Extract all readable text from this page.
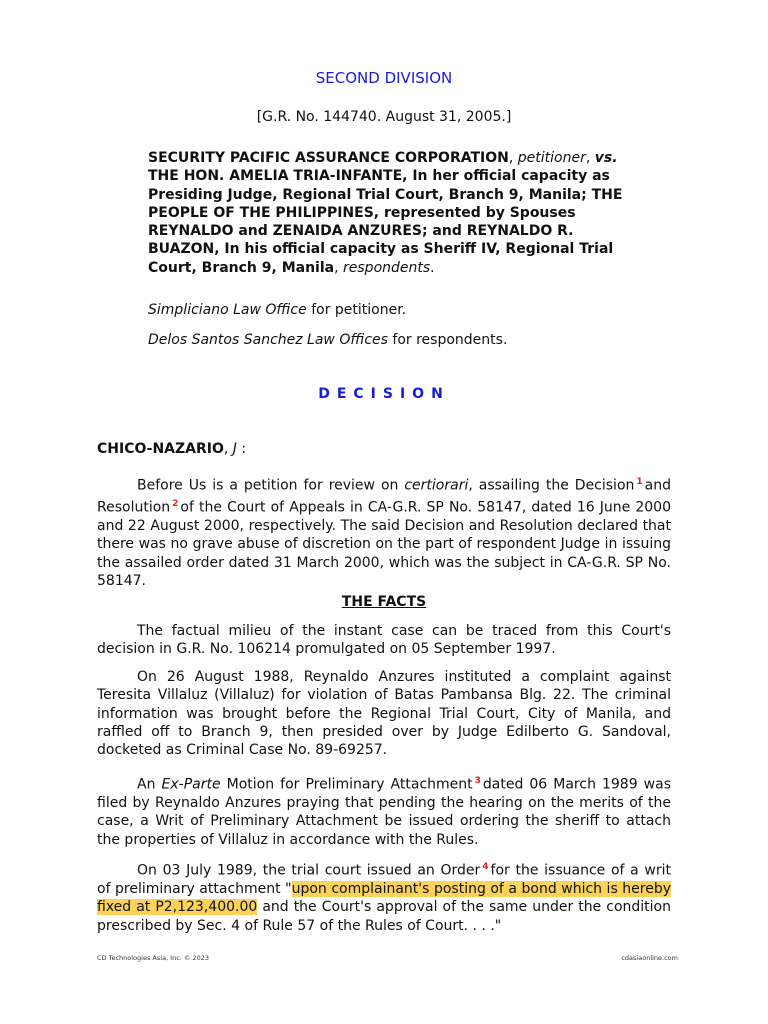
SECOND DIVISION
[G.R. No. 144740. August 31, 2005.]
SECURITY PACIFIC ASSURANCE CORPORATION, petitioner, vs. THE HON. AMELIA TRIA-INFANTE, In her official capacity as Presiding Judge, Regional Trial Court, Branch 9, Manila; THE PEOPLE OF THE PHILIPPINES, represented by Spouses REYNALDO and ZENAIDA ANZURES; and REYNALDO R. BUAZON, In his official capacity as Sheriff IV, Regional Trial Court, Branch 9, Manila, respondents.
Simpliciano Law Office for petitioner.
Delos Santos Sanchez Law Offices for respondents.
DECISION
CHICO-NAZARIO, J :
Before Us is a petition for review on certiorari, assailing the Decision $^1$ and Resolution $^2$ of the Court of Appeals in CA-G.R. SP No. 58147, dated 16 June 2000 and 22 August 2000, respectively. The said Decision and Resolution declared that there was no grave abuse of discretion on the part of respondent Judge in issuing the assailed order dated 31 March 2000, which was the subject in CA-G.R. SP No. 58147.
THE FACTS
The factual milieu of the instant case can be traced from this Court's decision in G.R. No. 106214 promulgated on 05 September 1997.
On 26 August 1988, Reynaldo Anzures instituted a complaint against Teresita Villaluz (Villaluz) for violation of Batas Pambansa Blg. 22. The criminal information was brought before the Regional Trial Court, City of Manila, and raffled off to Branch 9, then presided over by Judge Edilberto G. Sandoval, docketed as Criminal Case No. 89-69257.
An Ex-Parte Motion for Preliminary Attachment $^3$ dated 06 March 1989 was filed by Reynaldo Anzures praying that pending the hearing on the merits of the case, a Writ of Preliminary Attachment be issued ordering the sheriff to attach the properties of Villaluz in accordance with the Rules.
On 03 July 1989, the trial court issued an Order $^4$ for the issuance of a writ of preliminary attachment "upon complainant's posting of a bond which is hereby fixed at P2,123,400.00 and the Court's approval of the same under the condition prescribed by Sec. 4 of Rule 57 of the Rules of Court. . . ."
CD Technologies Asia, Inc. © 2023	cdasiaonline.com
